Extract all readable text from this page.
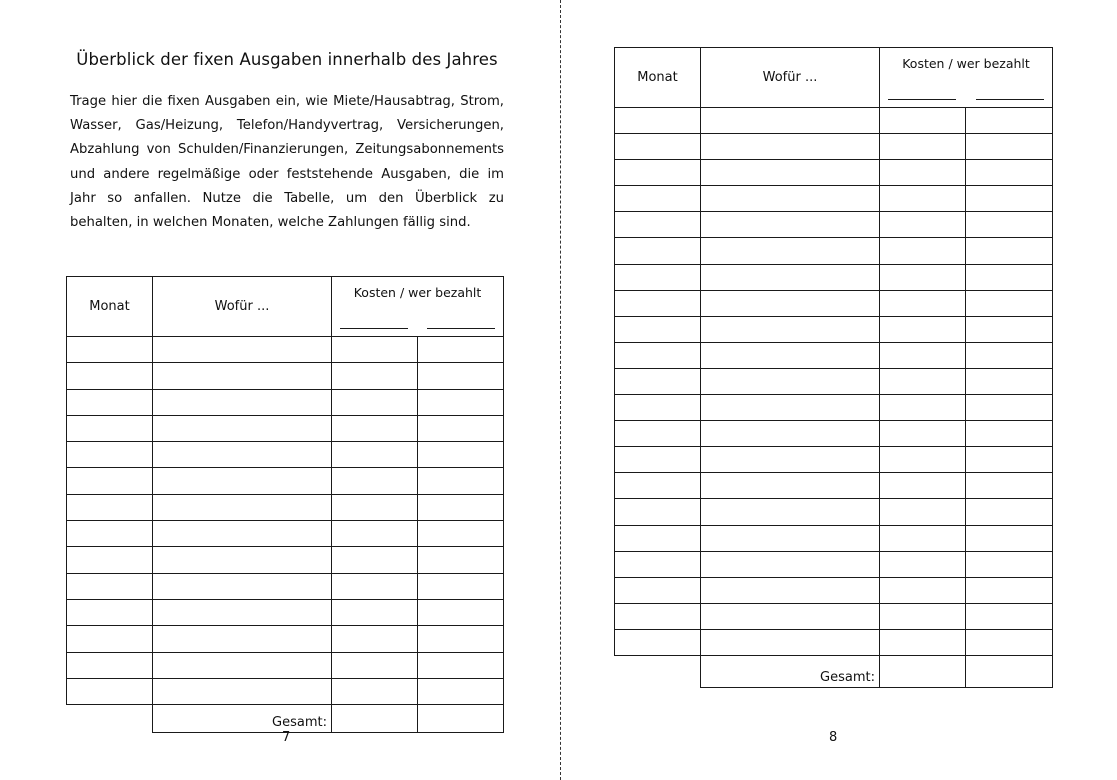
Überblick der fixen Ausgaben innerhalb des Jahres

Trage hier die fixen Ausgaben ein, wie Miete/Hausabtrag, Strom, Wasser, Gas/Heizung, Telefon/Handyvertrag, Versicherungen, Abzahlung von Schulden/Finanzierungen, Zeitungsabonnements und andere regelmäßige oder feststehende Ausgaben, die im Jahr so anfallen. Nutze die Tabelle, um den Überblick zu behalten, in welchen Monaten, welche Zahlungen fällig sind.

Monat	Wofür ...	Kosten / wer bezahlt	

	Gesamt:		
7
Monat	Wofür ...	Kosten / wer bezahlt	

	Gesamt:		
8
